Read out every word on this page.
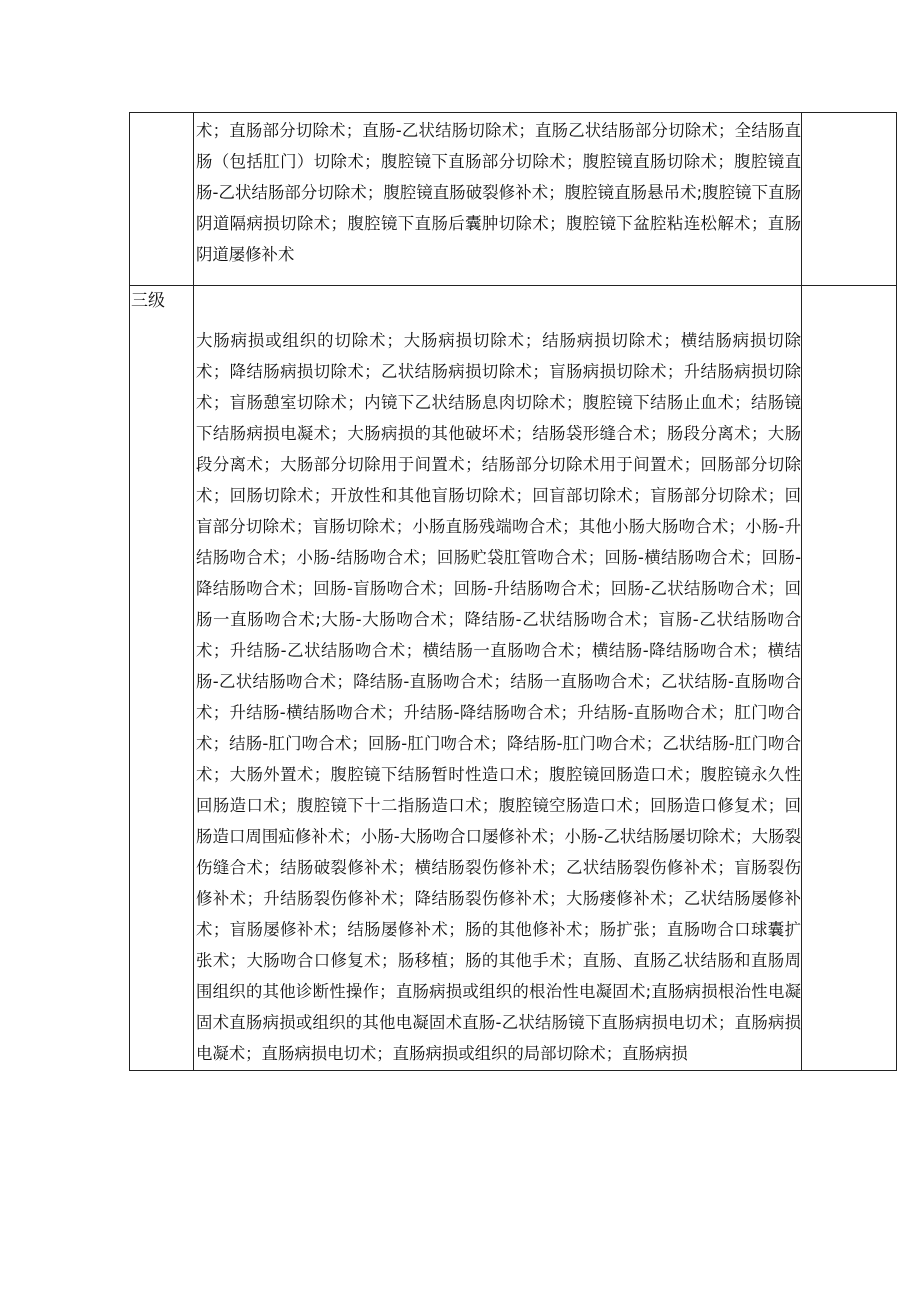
	术；直肠部分切除术；直肠-乙状结肠切除术；直肠乙状结肠部分切除术；全结肠直肠（包括肛门）切除术；腹腔镜下直肠部分切除术；腹腔镜直肠切除术；腹腔镜直肠-乙状结肠部分切除术；腹腔镜直肠破裂修补术；腹腔镜直肠悬吊术;腹腔镜下直肠阴道隔病损切除术；腹腔镜下直肠后囊肿切除术；腹腔镜下盆腔粘连松解术；直肠阴道屡修补术	

三级	大肠病损或组织的切除术；大肠病损切除术；结肠病损切除术；横结肠病损切除术；降结肠病损切除术；乙状结肠病损切除术；盲肠病损切除术；升结肠病损切除术；盲肠憩室切除术；内镜下乙状结肠息肉切除术；腹腔镜下结肠止血术；结肠镜下结肠病损电凝术；大肠病损的其他破坏术；结肠袋形缝合术；肠段分离术；大肠段分离术；大肠部分切除用于间置术；结肠部分切除术用于间置术；回肠部分切除术；回肠切除术；开放性和其他盲肠切除术；回盲部切除术；盲肠部分切除术；回盲部分切除术；盲肠切除术；小肠直肠残端吻合术；其他小肠大肠吻合术；小肠-升结肠吻合术；小肠-结肠吻合术；回肠贮袋肛管吻合术；回肠-横结肠吻合术；回肠-降结肠吻合术；回肠-盲肠吻合术；回肠-升结肠吻合术；回肠-乙状结肠吻合术；回肠一直肠吻合术;大肠-大肠吻合术；降结肠-乙状结肠吻合术；盲肠-乙状结肠吻合术；升结肠-乙状结肠吻合术；横结肠一直肠吻合术；横结肠-降结肠吻合术；横结肠-乙状结肠吻合术；降结肠-直肠吻合术；结肠一直肠吻合术；乙状结肠-直肠吻合术；升结肠-横结肠吻合术；升结肠-降结肠吻合术；升结肠-直肠吻合术；肛门吻合术；结肠-肛门吻合术；回肠-肛门吻合术；降结肠-肛门吻合术；乙状结肠-肛门吻合术；大肠外置术；腹腔镜下结肠暂时性造口术；腹腔镜回肠造口术；腹腔镜永久性回肠造口术；腹腔镜下十二指肠造口术；腹腔镜空肠造口术；回肠造口修复术；回肠造口周围疝修补术；小肠-大肠吻合口屡修补术；小肠-乙状结肠屡切除术；大肠裂伤缝合术；结肠破裂修补术；横结肠裂伤修补术；乙状结肠裂伤修补术；盲肠裂伤修补术；升结肠裂伤修补术；降结肠裂伤修补术；大肠瘘修补术；乙状结肠屡修补术；盲肠屡修补术；结肠屡修补术；肠的其他修补术；肠扩张；直肠吻合口球囊扩张术；大肠吻合口修复术；肠移植；肠的其他手术；直肠、直肠乙状结肠和直肠周围组织的其他诊断性操作；直肠病损或组织的根治性电凝固术;直肠病损根治性电凝固术直肠病损或组织的其他电凝固术直肠-乙状结肠镜下直肠病损电切术；直肠病损电凝术；直肠病损电切术；直肠病损或组织的局部切除术；直肠病损	
